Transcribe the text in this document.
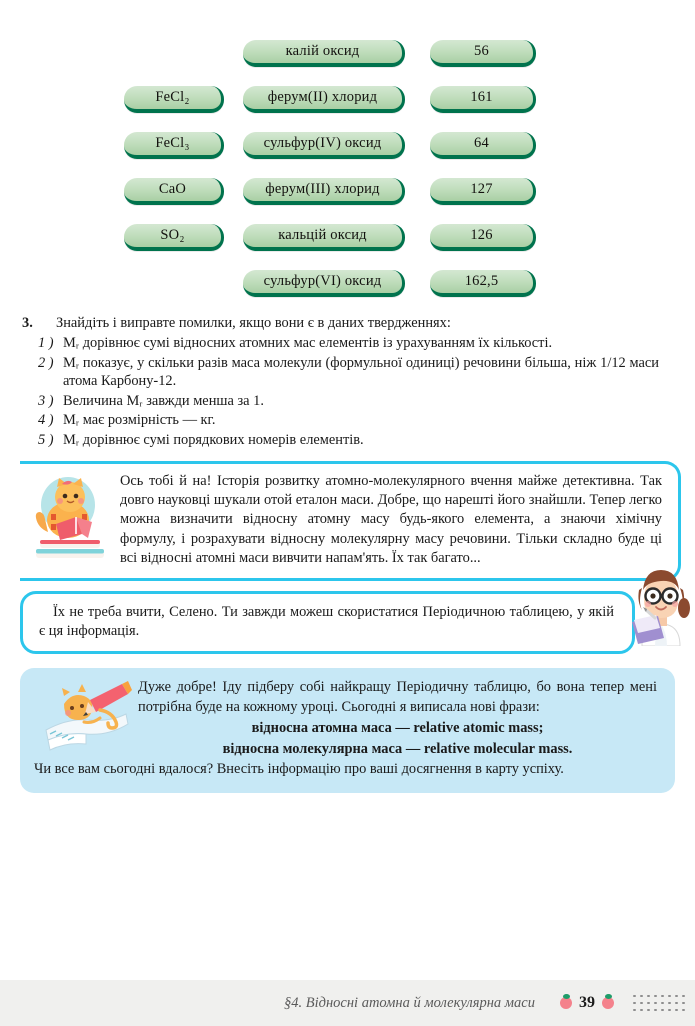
FeCl₂
FeCl₃
CaO
SO₂
калій оксид
ферум(II) хлорид
сульфур(IV) оксид
ферум(III) хлорид
кальцій оксид
сульфур(VI) оксид
56
161
64
127
126
162,5
3.	Знайдіть і виправте помилки, якщо вони є в даних твердженнях:
1 ) Mᵣ дорівнює сумі відносних атомних мас елементів із урахуванням їх кількості.
2 ) Mᵣ показує, у скільки разів маса молекули (формульної одиниці) речовини більша, ніж 1/12 маси атома Карбону-12.
3 ) Величина Mᵣ завжди менша за 1.
4 ) Mᵣ має розмірність — кг.
5 ) Mᵣ дорівнює сумі порядкових номерів елементів.

Ось тобі й на! Історія розвитку атомно-молекулярного вчення майже детективна. Так довго науковці шукали отой еталон маси. Добре, що нарешті його знайшли. Тепер легко можна визначити відносну атомну масу будь-якого елемента, а знаючи хімічну формулу, і розрахувати відносну молекулярну масу речовини. Тільки складно буде ці всі відносні атомні маси вивчити напам'ять. Їх так багато...

Їх не треба вчити, Селено. Ти завжди можеш скористатися Періодичною таблицею, у якій є ця інформація.

Дуже добре! Іду підберу собі найкращу Періодичну таблицю, бо вона тепер мені потрібна буде на кожному уроці. Сьогодні я виписала нові фрази:

відносна атомна маса — relative atomic mass;
відносна молекулярна маса — relative molecular mass.

Чи все вам сьогодні вдалося? Внесіть інформацію про ваші досягнення в карту успіху.

§4. Відносні атомна й молекулярна маси	39
